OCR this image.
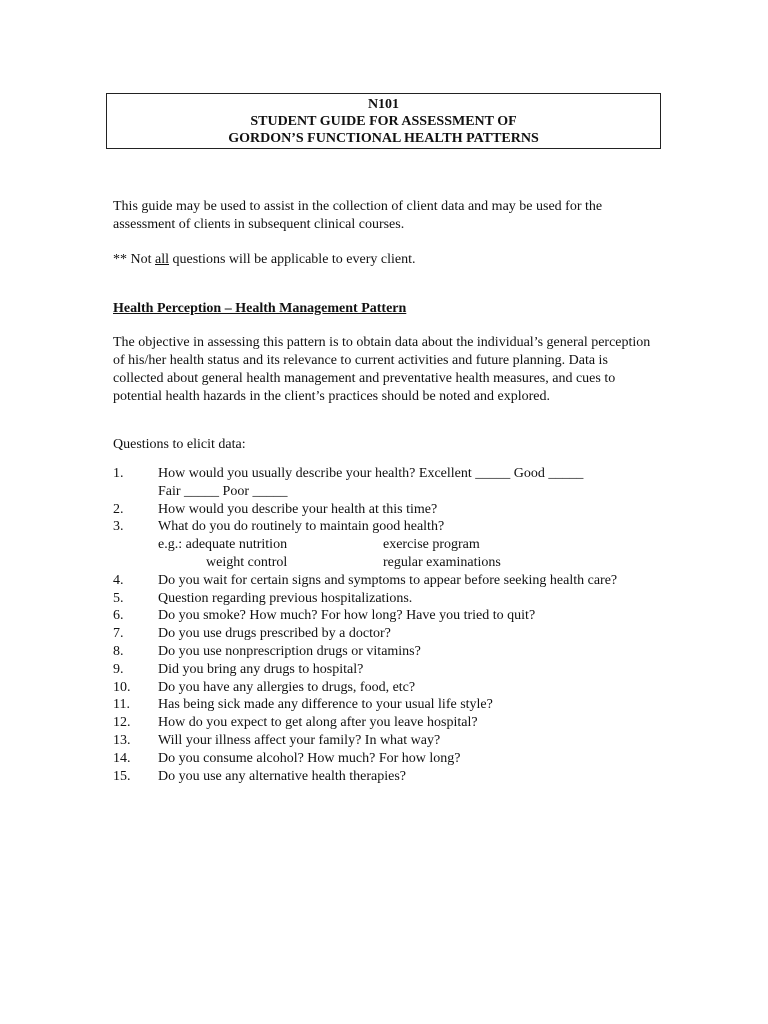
N101
STUDENT GUIDE FOR ASSESSMENT OF
GORDON’S FUNCTIONAL HEALTH PATTERNS

This guide may be used to assist in the collection of client data and may be used for the assessment of clients in subsequent clinical courses.

** Not all questions will be applicable to every client.

Health Perception – Health Management Pattern

The objective in assessing this pattern is to obtain data about the individual’s general perception of his/her health status and its relevance to current activities and future planning. Data is collected about general health management and preventative health measures, and cues to potential health hazards in the client’s practices should be noted and explored.

Questions to elicit data:

1. How would you usually describe your health? Excellent _____ Good _____
Fair _____ Poor _____
2. How would you describe your health at this time?
3. What do you do routinely to maintain good health?
e.g.: adequate nutrition	exercise program
weight control	regular examinations
4. Do you wait for certain signs and symptoms to appear before seeking health care?
5. Question regarding previous hospitalizations.
6. Do you smoke? How much? For how long? Have you tried to quit?
7. Do you use drugs prescribed by a doctor?
8. Do you use nonprescription drugs or vitamins?
9. Did you bring any drugs to hospital?
10. Do you have any allergies to drugs, food, etc?
11. Has being sick made any difference to your usual life style?
12. How do you expect to get along after you leave hospital?
13. Will your illness affect your family? In what way?
14. Do you consume alcohol? How much? For how long?
15. Do you use any alternative health therapies?
